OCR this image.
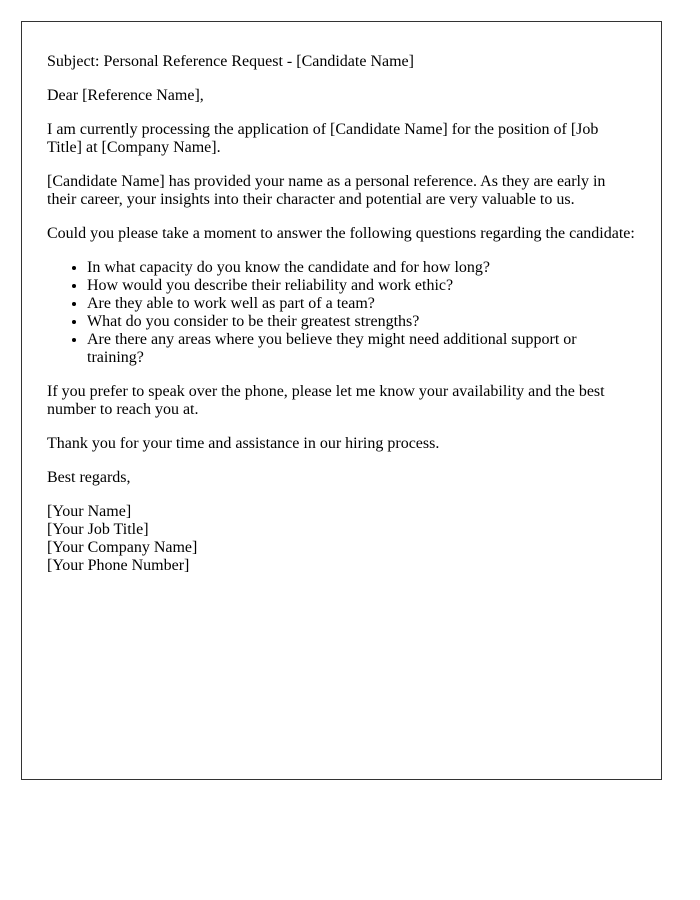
Subject: Personal Reference Request - [Candidate Name]

Dear [Reference Name],

I am currently processing the application of [Candidate Name] for the position of [Job Title] at [Company Name].

[Candidate Name] has provided your name as a personal reference. As they are early in their career, your insights into their character and potential are very valuable to us.

Could you please take a moment to answer the following questions regarding the candidate:

• In what capacity do you know the candidate and for how long?
• How would you describe their reliability and work ethic?
• Are they able to work well as part of a team?
• What do you consider to be their greatest strengths?
• Are there any areas where you believe they might need additional support or training?

If you prefer to speak over the phone, please let me know your availability and the best number to reach you at.

Thank you for your time and assistance in our hiring process.

Best regards,

[Your Name]
[Your Job Title]
[Your Company Name]
[Your Phone Number]
